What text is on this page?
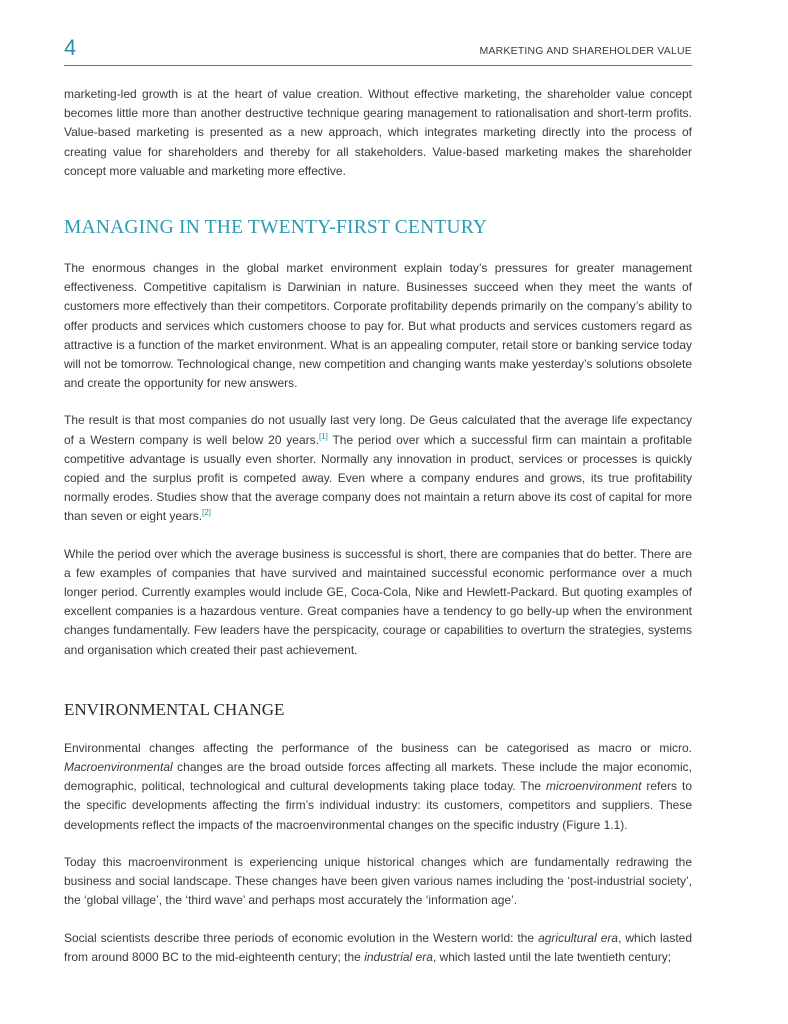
4	MARKETING AND SHAREHOLDER VALUE

marketing-led growth is at the heart of value creation. Without effective marketing, the shareholder value concept becomes little more than another destructive technique gearing management to rationalisation and short-term profits. Value-based marketing is presented as a new approach, which integrates marketing directly into the process of creating value for shareholders and thereby for all stakeholders. Value-based marketing makes the shareholder concept more valuable and marketing more effective.

MANAGING IN THE TWENTY-FIRST CENTURY

The enormous changes in the global market environment explain today’s pressures for greater management effectiveness. Competitive capitalism is Darwinian in nature. Businesses succeed when they meet the wants of customers more effectively than their competitors. Corporate profitability depends primarily on the company’s ability to offer products and services which customers choose to pay for. But what products and services customers regard as attractive is a function of the market environment. What is an appealing computer, retail store or banking service today will not be tomorrow. Technological change, new competition and changing wants make yesterday’s solutions obsolete and create the opportunity for new answers.

The result is that most companies do not usually last very long. De Geus calculated that the average life expectancy of a Western company is well below 20 years.[1] The period over which a successful firm can maintain a profitable competitive advantage is usually even shorter. Normally any innovation in product, services or processes is quickly copied and the surplus profit is competed away. Even where a company endures and grows, its true profitability normally erodes. Studies show that the average company does not maintain a return above its cost of capital for more than seven or eight years.[2]

While the period over which the average business is successful is short, there are companies that do better. There are a few examples of companies that have survived and maintained successful economic performance over a much longer period. Currently examples would include GE, Coca-Cola, Nike and Hewlett-Packard. But quoting examples of excellent companies is a hazardous venture. Great companies have a tendency to go belly-up when the environment changes fundamentally. Few leaders have the perspicacity, courage or capabilities to overturn the strategies, systems and organisation which created their past achievement.

ENVIRONMENTAL CHANGE

Environmental changes affecting the performance of the business can be categorised as macro or micro. Macroenvironmental changes are the broad outside forces affecting all markets. These include the major economic, demographic, political, technological and cultural developments taking place today. The microenvironment refers to the specific developments affecting the firm’s individual industry: its customers, competitors and suppliers. These developments reflect the impacts of the macroenvironmental changes on the specific industry (Figure 1.1).

Today this macroenvironment is experiencing unique historical changes which are fundamentally redrawing the business and social landscape. These changes have been given various names including the ‘post-industrial society’, the ‘global village’, the ‘third wave’ and perhaps most accurately the ‘information age’.

Social scientists describe three periods of economic evolution in the Western world: the agricultural era, which lasted from around 8000 BC to the mid-eighteenth century; the industrial era, which lasted until the late twentieth century;
